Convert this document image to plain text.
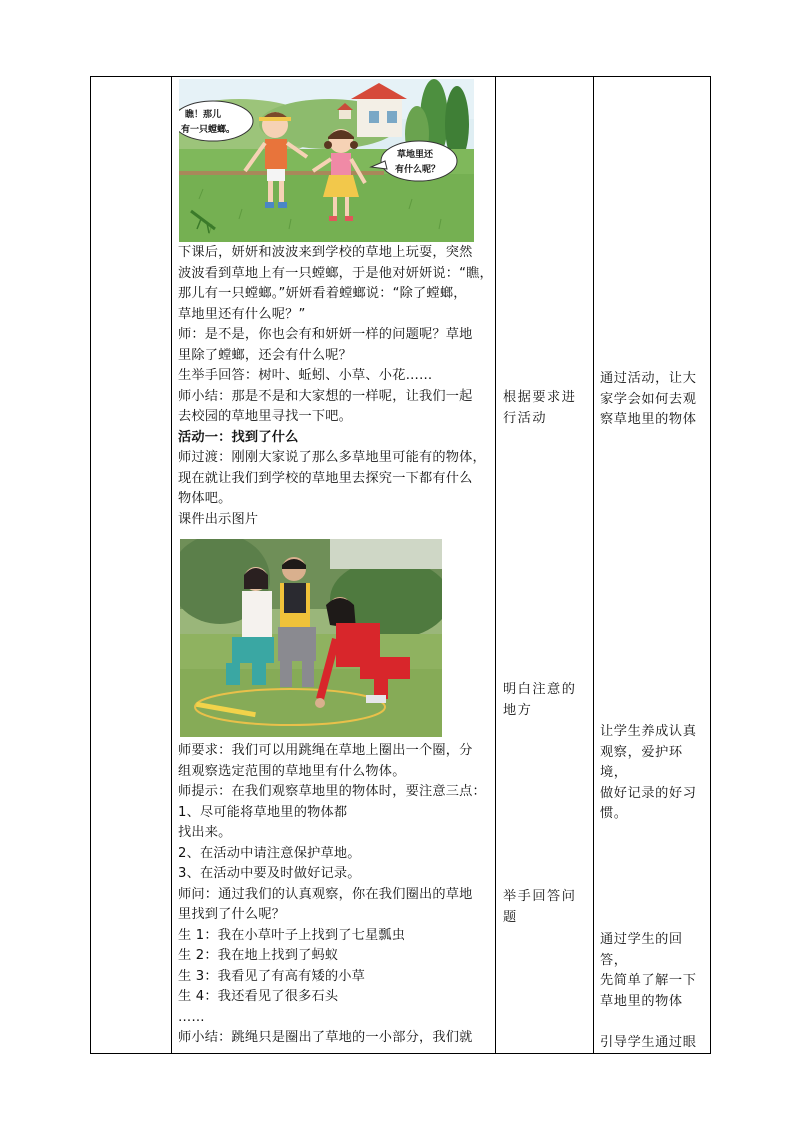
瞧！那儿
有一只螳螂。
草地里还
有什么呢？
下课后，妍妍和波波来到学校的草地上玩耍，突然
波波看到草地上有一只螳螂，于是他对妍妍说：“瞧，
那儿有一只螳螂。”妍妍看着螳螂说：“除了螳螂，
草地里还有什么呢？”
师：是不是，你也会有和妍妍一样的问题呢？草地
里除了螳螂，还会有什么呢？
生举手回答：树叶、蚯蚓、小草、小花……
师小结：那是不是和大家想的一样呢，让我们一起
去校园的草地里寻找一下吧。
活动一：找到了什么
师过渡：刚刚大家说了那么多草地里可能有的物体，
现在就让我们到学校的草地里去探究一下都有什么
物体吧。
课件出示图片
师要求：我们可以用跳绳在草地上圈出一个圈，分
组观察选定范围的草地里有什么物体。
师提示：在我们观察草地里的物体时，要注意三点：
1、尽可能将草地里的物体都
找出来。
2、在活动中请注意保护草地。
3、在活动中要及时做好记录。
师问：通过我们的认真观察，你在我们圈出的草地
里找到了什么呢？
生 1：我在小草叶子上找到了七星瓢虫
生 2：我在地上找到了蚂蚁
生 3：我看见了有高有矮的小草
生 4：我还看见了很多石头
……
师小结：跳绳只是圈出了草地的一小部分，我们就
根据要求进
行活动
明白注意的
地方
举手回答问
题
通过活动，让大
家学会如何去观
察草地里的物体
让学生养成认真
观察，爱护环境，
做好记录的好习
惯。
通过学生的回答，
先简单了解一下
草地里的物体
引导学生通过眼
